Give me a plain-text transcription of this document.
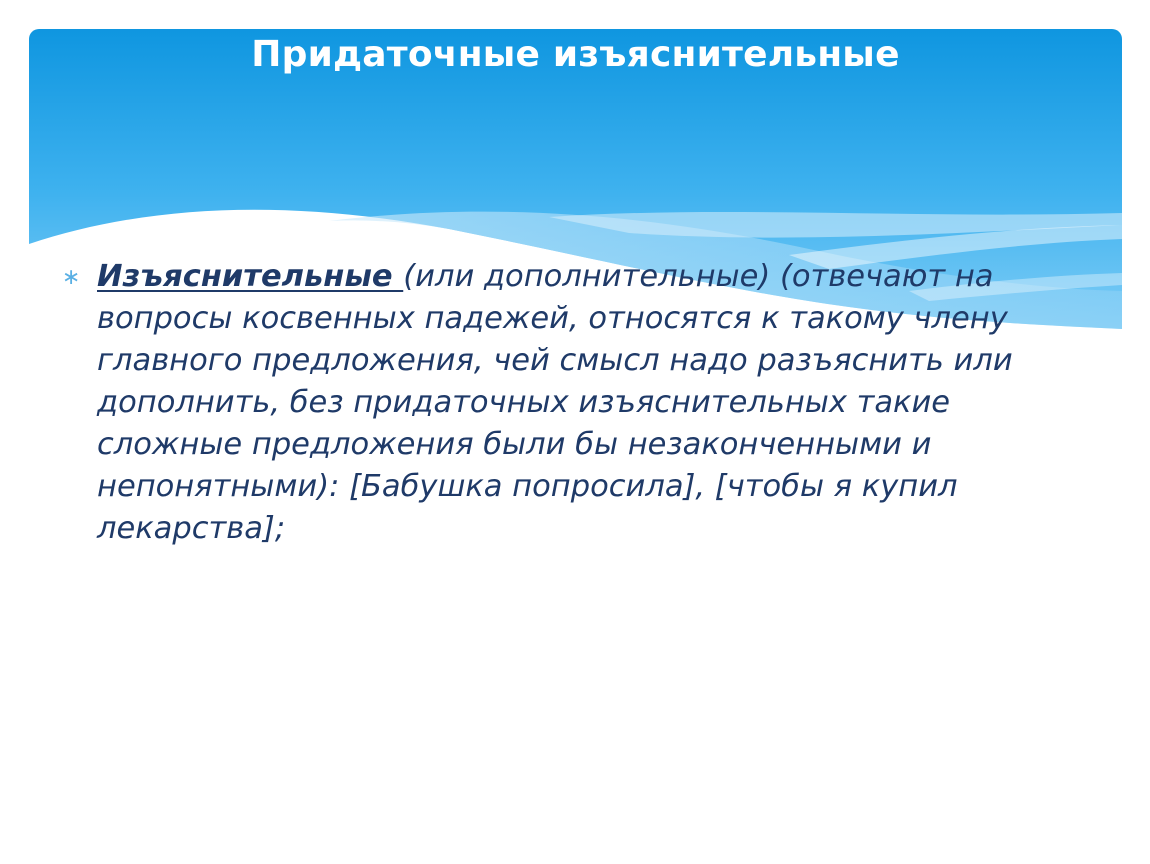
Придаточные изъяснительные
∗ Изъяснительные (или дополнительные) (отвечают на вопросы косвенных падежей, относятся к такому члену главного предложения, чей смысл надо разъяснить или дополнить, без придаточных изъяснительных такие сложные предложения были бы незаконченными и непонятными): [Бабушка попросила], [чтобы я купил лекарства];
